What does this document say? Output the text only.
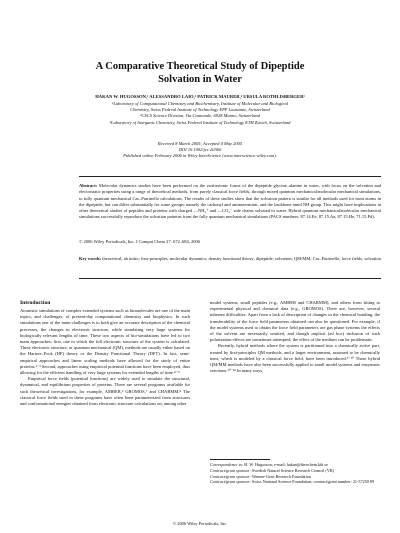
A Comparative Theoretical Study of Dipeptide
Solvation in Water
HÅKAN W. HUGOSSON,¹ ALESSANDRO LAIO,¹ PATRICK MAURER,¹ URSULA ROTHLISBERGER¹
¹Laboratory of Computational Chemistry and Biochemistry, Institute of Molecular and Biological
Chemistry, Swiss Federal Institute of Technology EPF Lausanne, Switzerland
²CSCS Science Division, Via Cantonale, 6928 Manno, Switzerland
³Laboratory of Inorganic Chemistry, Swiss Federal Institute of Technology ETH Zürich, Switzerland
Received 8 March 2005; Accepted 4 May 2005
DOI 10.1002/jcc.20360
Published online February 2006 in Wiley InterScience (www.interscience.wiley.com).
Abstract: Molecular dynamics studies have been performed on the zwitterionic forms of the dipeptide glycine–alanine in water, with focus on the solvation and electrostatic properties using a range of theoretical methods, from purely classical force fields, through mixed quantum mechanical/molecular mechanical simulations, to fully quantum mechanical Car–Parrinello calculations. The results of these studies show that the solvation pattern is similar for all methods used for most atoms in the dipeptide, but can differ substantially for some groups: namely the carbonyl and aminoterminii, and the backbone amid NH group. This might have implications in other theoretical studies of peptides and proteins with charged —NH₃⁺ and —CO₂⁻ side chains solvated in water. Hybrid quantum mechanical/molecular mechanical simulations successfully reproduce the solvation patterns from the fully quantum mechanical simulations (PACS numbers: 87.14.Ee, 87.15.Aa, 87.15.He, 71.15.Pd).
© 2006 Wiley Periodicals, Inc. J Comput Chem 27: 672–684, 2006
Key words: theoretical; ab initio; first-principles; molecular dynamics; density functional theory; dipeptide; solvation; QM/MM; Car–Parrinello; force fields; solvation
Introduction

Atomistic simulations of complex extended systems such as biomolecules are one of the main topics, and challenges, of present-day computational chemistry and biophysics. In such simulations one of the main challenges is to both give an accurate description of the chemical processes, the changes in electronic structure, while simulating very large systems for biologically relevant lengths of time. These two aspects of bio-simulations have led to two main approaches; first, one in which the full electronic structure of the system is calculated. These electronic structure, or quantum mechanical (QM), methods are usually either based on the Hartree–Fock (HF) theory or the Density Functional Theory (DFT). In fact, semi-empirical approaches and linear scaling methods have allowed for the study of entire proteins.¹⁻³ Second, approaches using empirical potential functions have been employed, thus allowing for the efficient handling of very large systems for extended lengths of time.⁴⁻⁵

Empirical force fields (potential functions) are widely used to simulate the structural, dynamical, and equilibrium properties of proteins. There are several programs available for such theoretical investigations, for example, AMBER,⁶ GROMOS,⁷ and CHARMM.⁸ The classical force fields used in these programs have often been parameterized from structures and conformational energies obtained from electronic structure calculations on, among other

model systems, small peptides (e.g., AMBER and CHARMM), and others from fitting to experimental physical and chemical data (e.g., GROMOS). There are, however, several inherent difficulties. Apart from a lack of description of changes in the chemical bonding, the transferability of the force field parameters obtained can also be questioned. For example, if the model systems used to obtain the force field parameters are gas phase systems the effects of the solvent are necessarily omitted, and though implicit (ad hoc) inclusion of such polarization effects are sometimes attempted, the effect of the medium can be problematic.

Recently, hybrid methods where the system is partitioned into a chemically active part, treated by first-principles QM methods, and a larger environment, assumed to be chemically inert, which is modeled by a classical force field, have been introduced.⁹⁻¹⁰ These hybrid QM/MM methods have also been successfully applied to small model systems and enzymatic reactions.¹⁰⁻¹⁸ In many ways,

Correspondence to: H. W. Hugosson; e-mail: hakan@theochem.kth.se
Contract/grant sponsor: Swedish Natural Science Research Council (VR)
Contract/grant sponsor: Wenner-Gren Research Foundation
Contract/grant sponsor: Swiss National Science Foundation; contract/grant number: 21-57250.99
© 2006 Wiley Periodicals, Inc.
